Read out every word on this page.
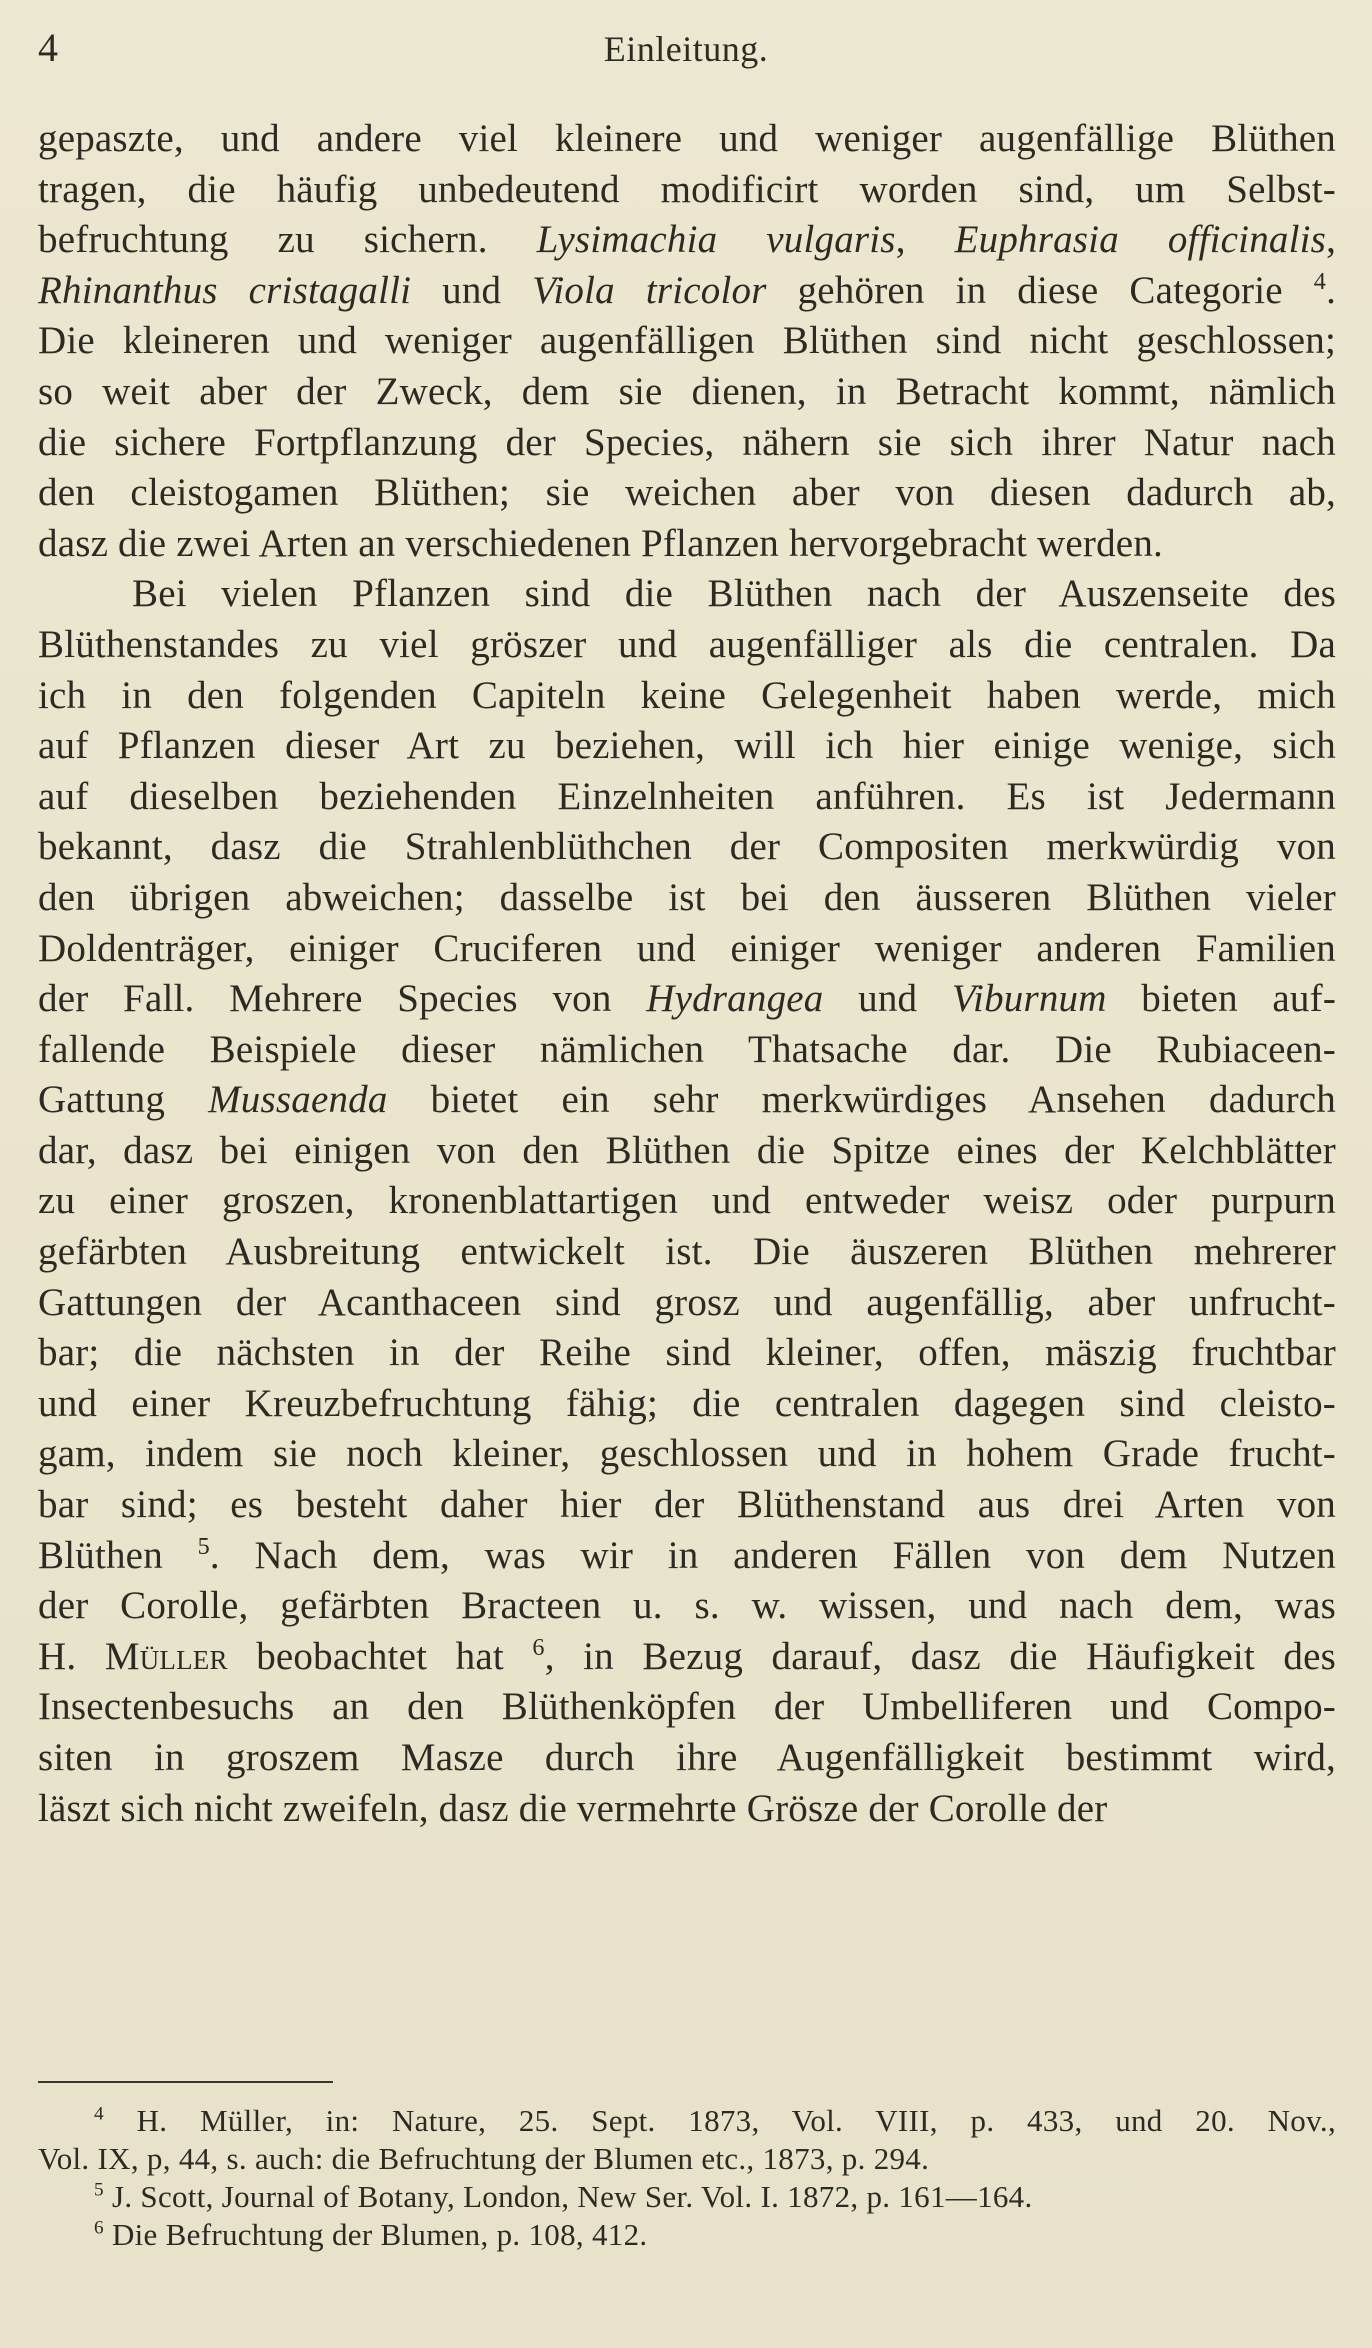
4	Einleitung.
gepaszte, und andere viel kleinere und weniger augenfällige Blüthen
tragen, die häufig unbedeutend modificirt worden sind, um Selbst-
befruchtung zu sichern. Lysimachia vulgaris, Euphrasia officinalis,
Rhinanthus cristagalli und Viola tricolor gehören in diese Categorie $^4$.
Die kleineren und weniger augenfälligen Blüthen sind nicht geschlossen;
so weit aber der Zweck, dem sie dienen, in Betracht kommt, nämlich
die sichere Fortpflanzung der Species, nähern sie sich ihrer Natur nach
den cleistogamen Blüthen; sie weichen aber von diesen dadurch ab,
dasz die zwei Arten an verschiedenen Pflanzen hervorgebracht werden.
Bei vielen Pflanzen sind die Blüthen nach der Auszenseite des
Blüthenstandes zu viel gröszer und augenfälliger als die centralen. Da
ich in den folgenden Capiteln keine Gelegenheit haben werde, mich
auf Pflanzen dieser Art zu beziehen, will ich hier einige wenige, sich
auf dieselben beziehenden Einzelnheiten anführen. Es ist Jedermann
bekannt, dasz die Strahlenblüthchen der Compositen merkwürdig von
den übrigen abweichen; dasselbe ist bei den äusseren Blüthen vieler
Doldenträger, einiger Cruciferen und einiger weniger anderen Familien
der Fall. Mehrere Species von Hydrangea und Viburnum bieten auf-
fallende Beispiele dieser nämlichen Thatsache dar. Die Rubiaceen-
Gattung Mussaenda bietet ein sehr merkwürdiges Ansehen dadurch
dar, dasz bei einigen von den Blüthen die Spitze eines der Kelchblätter
zu einer groszen, kronenblattartigen und entweder weisz oder purpurn
gefärbten Ausbreitung entwickelt ist. Die äuszeren Blüthen mehrerer
Gattungen der Acanthaceen sind grosz und augenfällig, aber unfrucht-
bar; die nächsten in der Reihe sind kleiner, offen, mäszig fruchtbar
und einer Kreuzbefruchtung fähig; die centralen dagegen sind cleisto-
gam, indem sie noch kleiner, geschlossen und in hohem Grade frucht-
bar sind; es besteht daher hier der Blüthenstand aus drei Arten von
Blüthen $^5$. Nach dem, was wir in anderen Fällen von dem Nutzen
der Corolle, gefärbten Bracteen u. s. w. wissen, und nach dem, was
H. Müller beobachtet hat $^6$, in Bezug darauf, dasz die Häufigkeit des
Insectenbesuchs an den Blüthenköpfen der Umbelliferen und Compo-
siten in groszem Masze durch ihre Augenfälligkeit bestimmt wird,
läszt sich nicht zweifeln, dasz die vermehrte Grösze der Corolle der
$^4$ H. Müller, in: Nature, 25. Sept. 1873, Vol. VIII, p. 433, und 20. Nov.,
Vol. IX, p, 44, s. auch: die Befruchtung der Blumen etc., 1873, p. 294.
$^5$ J. Scott, Journal of Botany, London, New Ser. Vol. I. 1872, p. 161—164.
$^6$ Die Befruchtung der Blumen, p. 108, 412.
